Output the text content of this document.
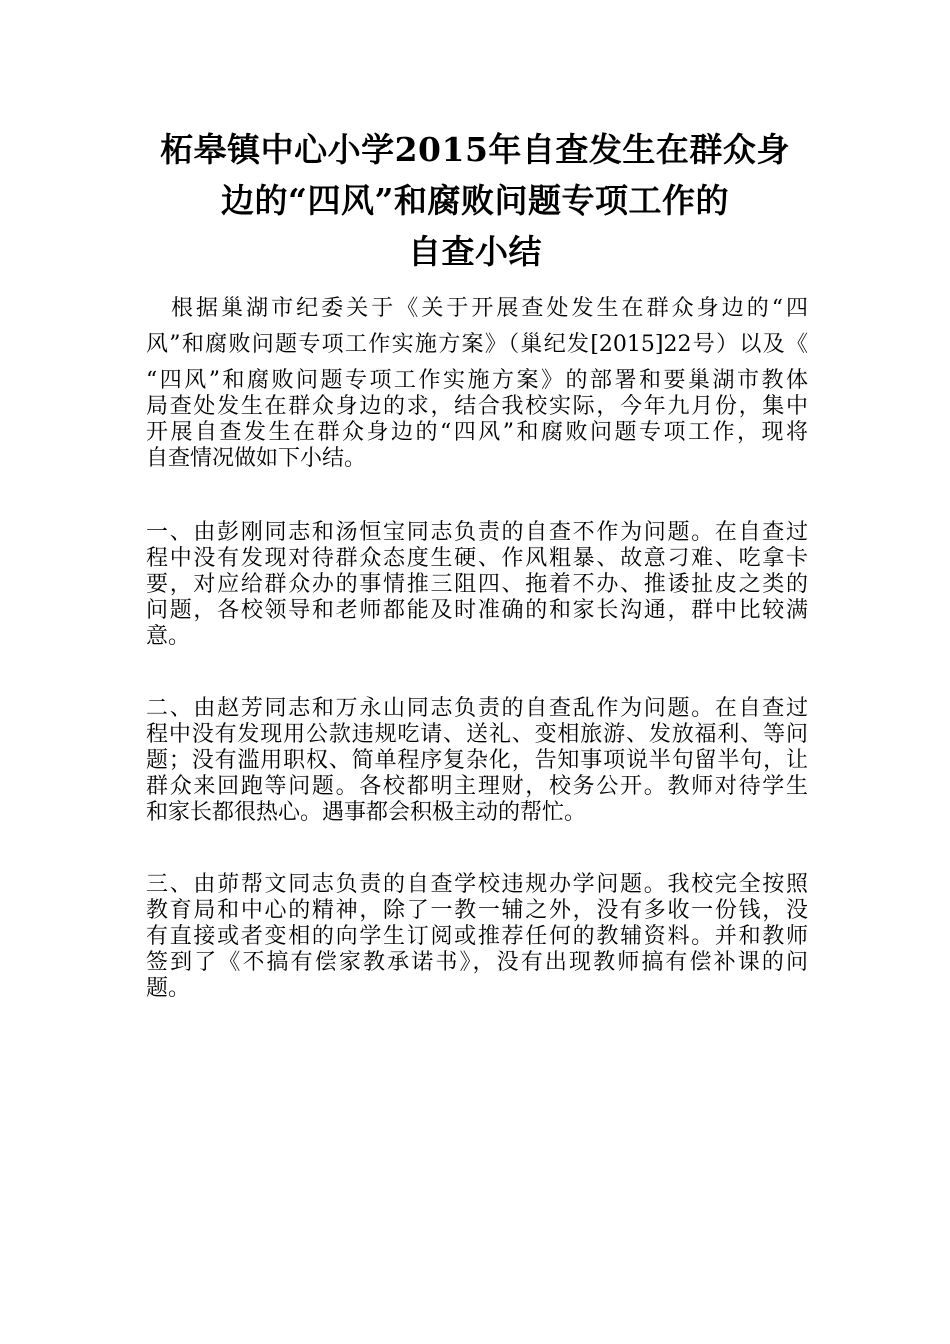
柘皋镇中心小学2015年自查发生在群众身
边的“四风”和腐败问题专项工作的
自查小结
　根据巢湖市纪委关于《关于开展查处发生在群众身边的“四
风”和腐败问题专项工作实施方案》（巢纪发[2015]22号）以及《
“四风”和腐败问题专项工作实施方案》的部署和要巢湖市教体
局查处发生在群众身边的求，结合我校实际，今年九月份，集中
开展自查发生在群众身边的“四风”和腐败问题专项工作，现将
自查情况做如下小结。
一、由彭刚同志和汤恒宝同志负责的自查不作为问题。在自查过
程中没有发现对待群众态度生硬、作风粗暴、故意刁难、吃拿卡
要，对应给群众办的事情推三阻四、拖着不办、推诿扯皮之类的
问题，各校领导和老师都能及时准确的和家长沟通，群中比较满
意。
二、由赵芳同志和万永山同志负责的自查乱作为问题。在自查过
程中没有发现用公款违规吃请、送礼、变相旅游、发放福利、等问
题；没有滥用职权、简单程序复杂化，告知事项说半句留半句，让
群众来回跑等问题。各校都明主理财，校务公开。教师对待学生
和家长都很热心。遇事都会积极主动的帮忙。
三、由茆帮文同志负责的自查学校违规办学问题。我校完全按照
教育局和中心的精神，除了一教一辅之外，没有多收一份钱，没
有直接或者变相的向学生订阅或推荐任何的教辅资料。并和教师
签到了《不搞有偿家教承诺书》，没有出现教师搞有偿补课的问
题。
